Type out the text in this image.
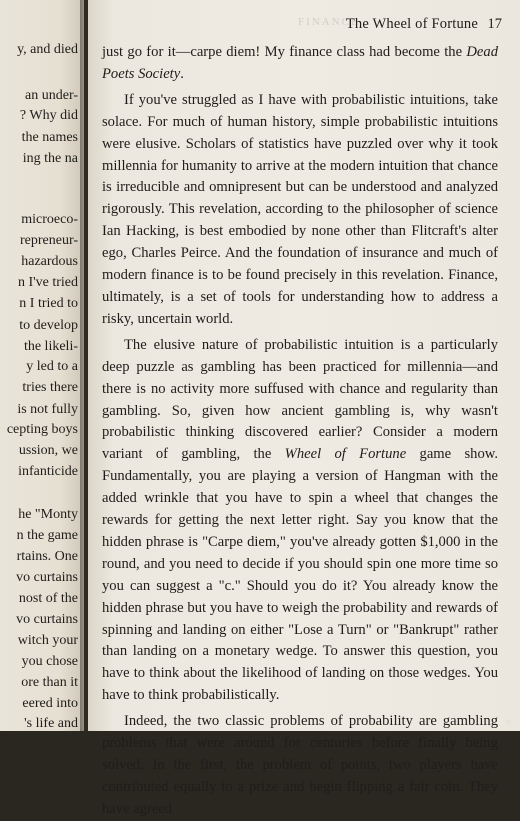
y, and died
an under-
? Why did
the names
ing the na
microeco-
repreneur-
hazardous
n I've tried
n I tried to
to develop
the likeli-
y led to a
tries there
is not fully
cepting boys
ussion, we
infanticide
he "Monty
n the game
rtains. One
vo curtains
nost of the
vo curtains
witch your
you chose
ore than it
eered into
's life and
FINANCE
The Wheel of Fortune 17

just go for it—carpe diem! My finance class had become the Dead Poets Society.

If you've struggled as I have with probabilistic intuitions, take solace. For much of human history, simple probabilistic intuitions were elusive. Scholars of statistics have puzzled over why it took millennia for humanity to arrive at the modern intuition that chance is irreducible and omnipresent but can be understood and analyzed rigorously. This revelation, according to the philosopher of science Ian Hacking, is best embodied by none other than Flitcraft's alter ego, Charles Peirce. And the foundation of insurance and much of modern finance is to be found precisely in this revelation. Finance, ultimately, is a set of tools for understanding how to address a risky, uncertain world.

The elusive nature of probabilistic intuition is a particularly deep puzzle as gambling has been practiced for millennia—and there is no activity more suffused with chance and regularity than gambling. So, given how ancient gambling is, why wasn't probabilistic thinking discovered earlier? Consider a modern variant of gambling, the Wheel of Fortune game show. Fundamentally, you are playing a version of Hangman with the added wrinkle that you have to spin a wheel that changes the rewards for getting the next letter right. Say you know that the hidden phrase is "Carpe diem," you've already gotten $1,000 in the round, and you need to decide if you should spin one more time so you can suggest a "c." Should you do it? You already know the hidden phrase but you have to weigh the probability and rewards of spinning and landing on either "Lose a Turn" or "Bankrupt" rather than landing on a monetary wedge. To answer this question, you have to think about the likelihood of landing on those wedges. You have to think probabilistically.

Indeed, the two classic problems of probability are gambling problems that were around for centuries before finally being solved. In the first, the problem of points, two players have contributed equally to a prize and begin flipping a fair coin. They have agreed

◌
